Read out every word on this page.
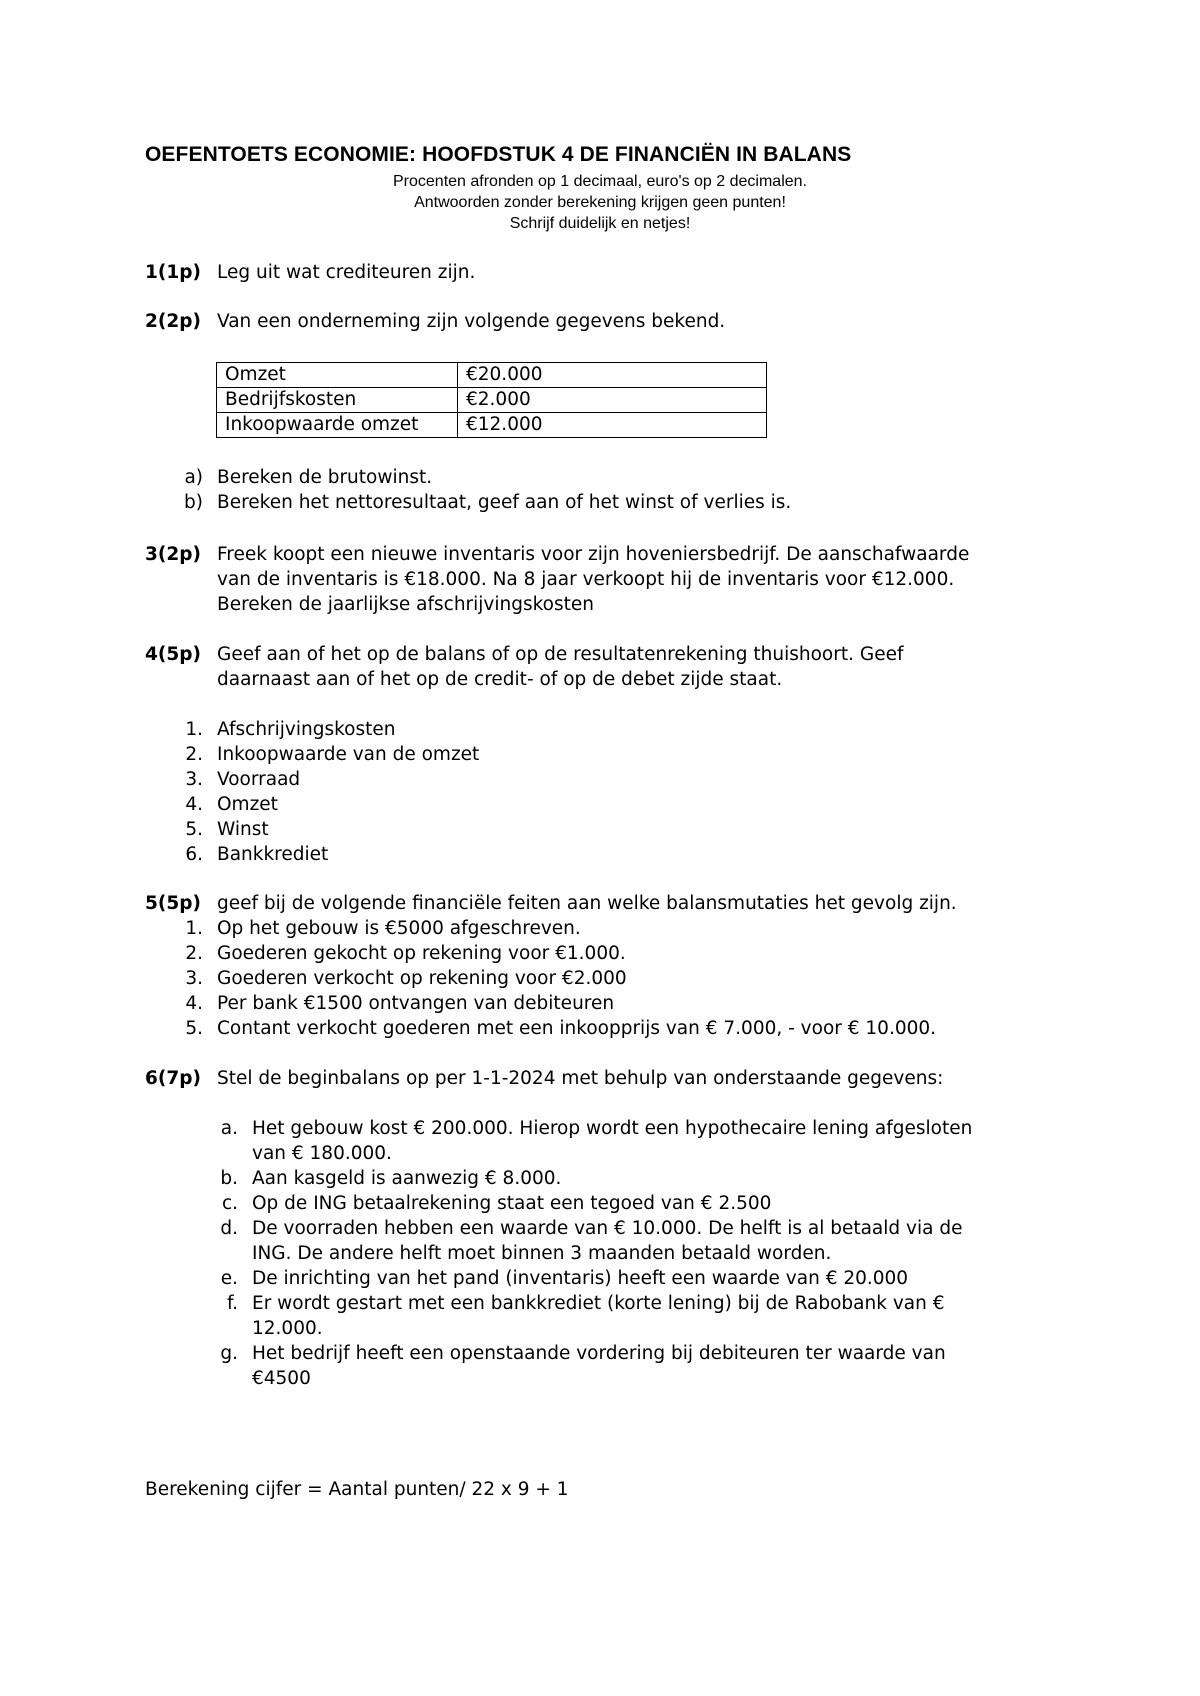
OEFENTOETS ECONOMIE: HOOFDSTUK 4 DE FINANCIËN IN BALANS
Procenten afronden op 1 decimaal, euro's op 2 decimalen.
Antwoorden zonder berekening krijgen geen punten!
Schrijf duidelijk en netjes!
1(1p) Leg uit wat crediteuren zijn.
2(2p) Van een onderneming zijn volgende gegevens bekend.
Omzet	€20.000
Bedrijfskosten	€2.000
Inkoopwaarde omzet	€12.000
a) Bereken de brutowinst.
b) Bereken het nettoresultaat, geef aan of het winst of verlies is.
3(2p) Freek koopt een nieuwe inventaris voor zijn hoveniersbedrijf. De aanschafwaarde
van de inventaris is €18.000. Na 8 jaar verkoopt hij de inventaris voor €12.000.
Bereken de jaarlijkse afschrijvingskosten
4(5p) Geef aan of het op de balans of op de resultatenrekening thuishoort. Geef
daarnaast aan of het op de credit- of op de debet zijde staat.
1. Afschrijvingskosten
2. Inkoopwaarde van de omzet
3. Voorraad
4. Omzet
5. Winst
6. Bankkrediet
5(5p) geef bij de volgende financiële feiten aan welke balansmutaties het gevolg zijn.
1. Op het gebouw is €5000 afgeschreven.
2. Goederen gekocht op rekening voor €1.000.
3. Goederen verkocht op rekening voor €2.000
4. Per bank €1500 ontvangen van debiteuren
5. Contant verkocht goederen met een inkoopprijs van € 7.000, - voor € 10.000.
6(7p) Stel de beginbalans op per 1-1-2024 met behulp van onderstaande gegevens:
a. Het gebouw kost € 200.000. Hierop wordt een hypothecaire lening afgesloten
van € 180.000.
b. Aan kasgeld is aanwezig € 8.000.
c. Op de ING betaalrekening staat een tegoed van € 2.500
d. De voorraden hebben een waarde van € 10.000. De helft is al betaald via de
ING. De andere helft moet binnen 3 maanden betaald worden.
e. De inrichting van het pand (inventaris) heeft een waarde van € 20.000
f. Er wordt gestart met een bankkrediet (korte lening) bij de Rabobank van €
12.000.
g. Het bedrijf heeft een openstaande vordering bij debiteuren ter waarde van
€4500
Berekening cijfer = Aantal punten/ 22 x 9 + 1
